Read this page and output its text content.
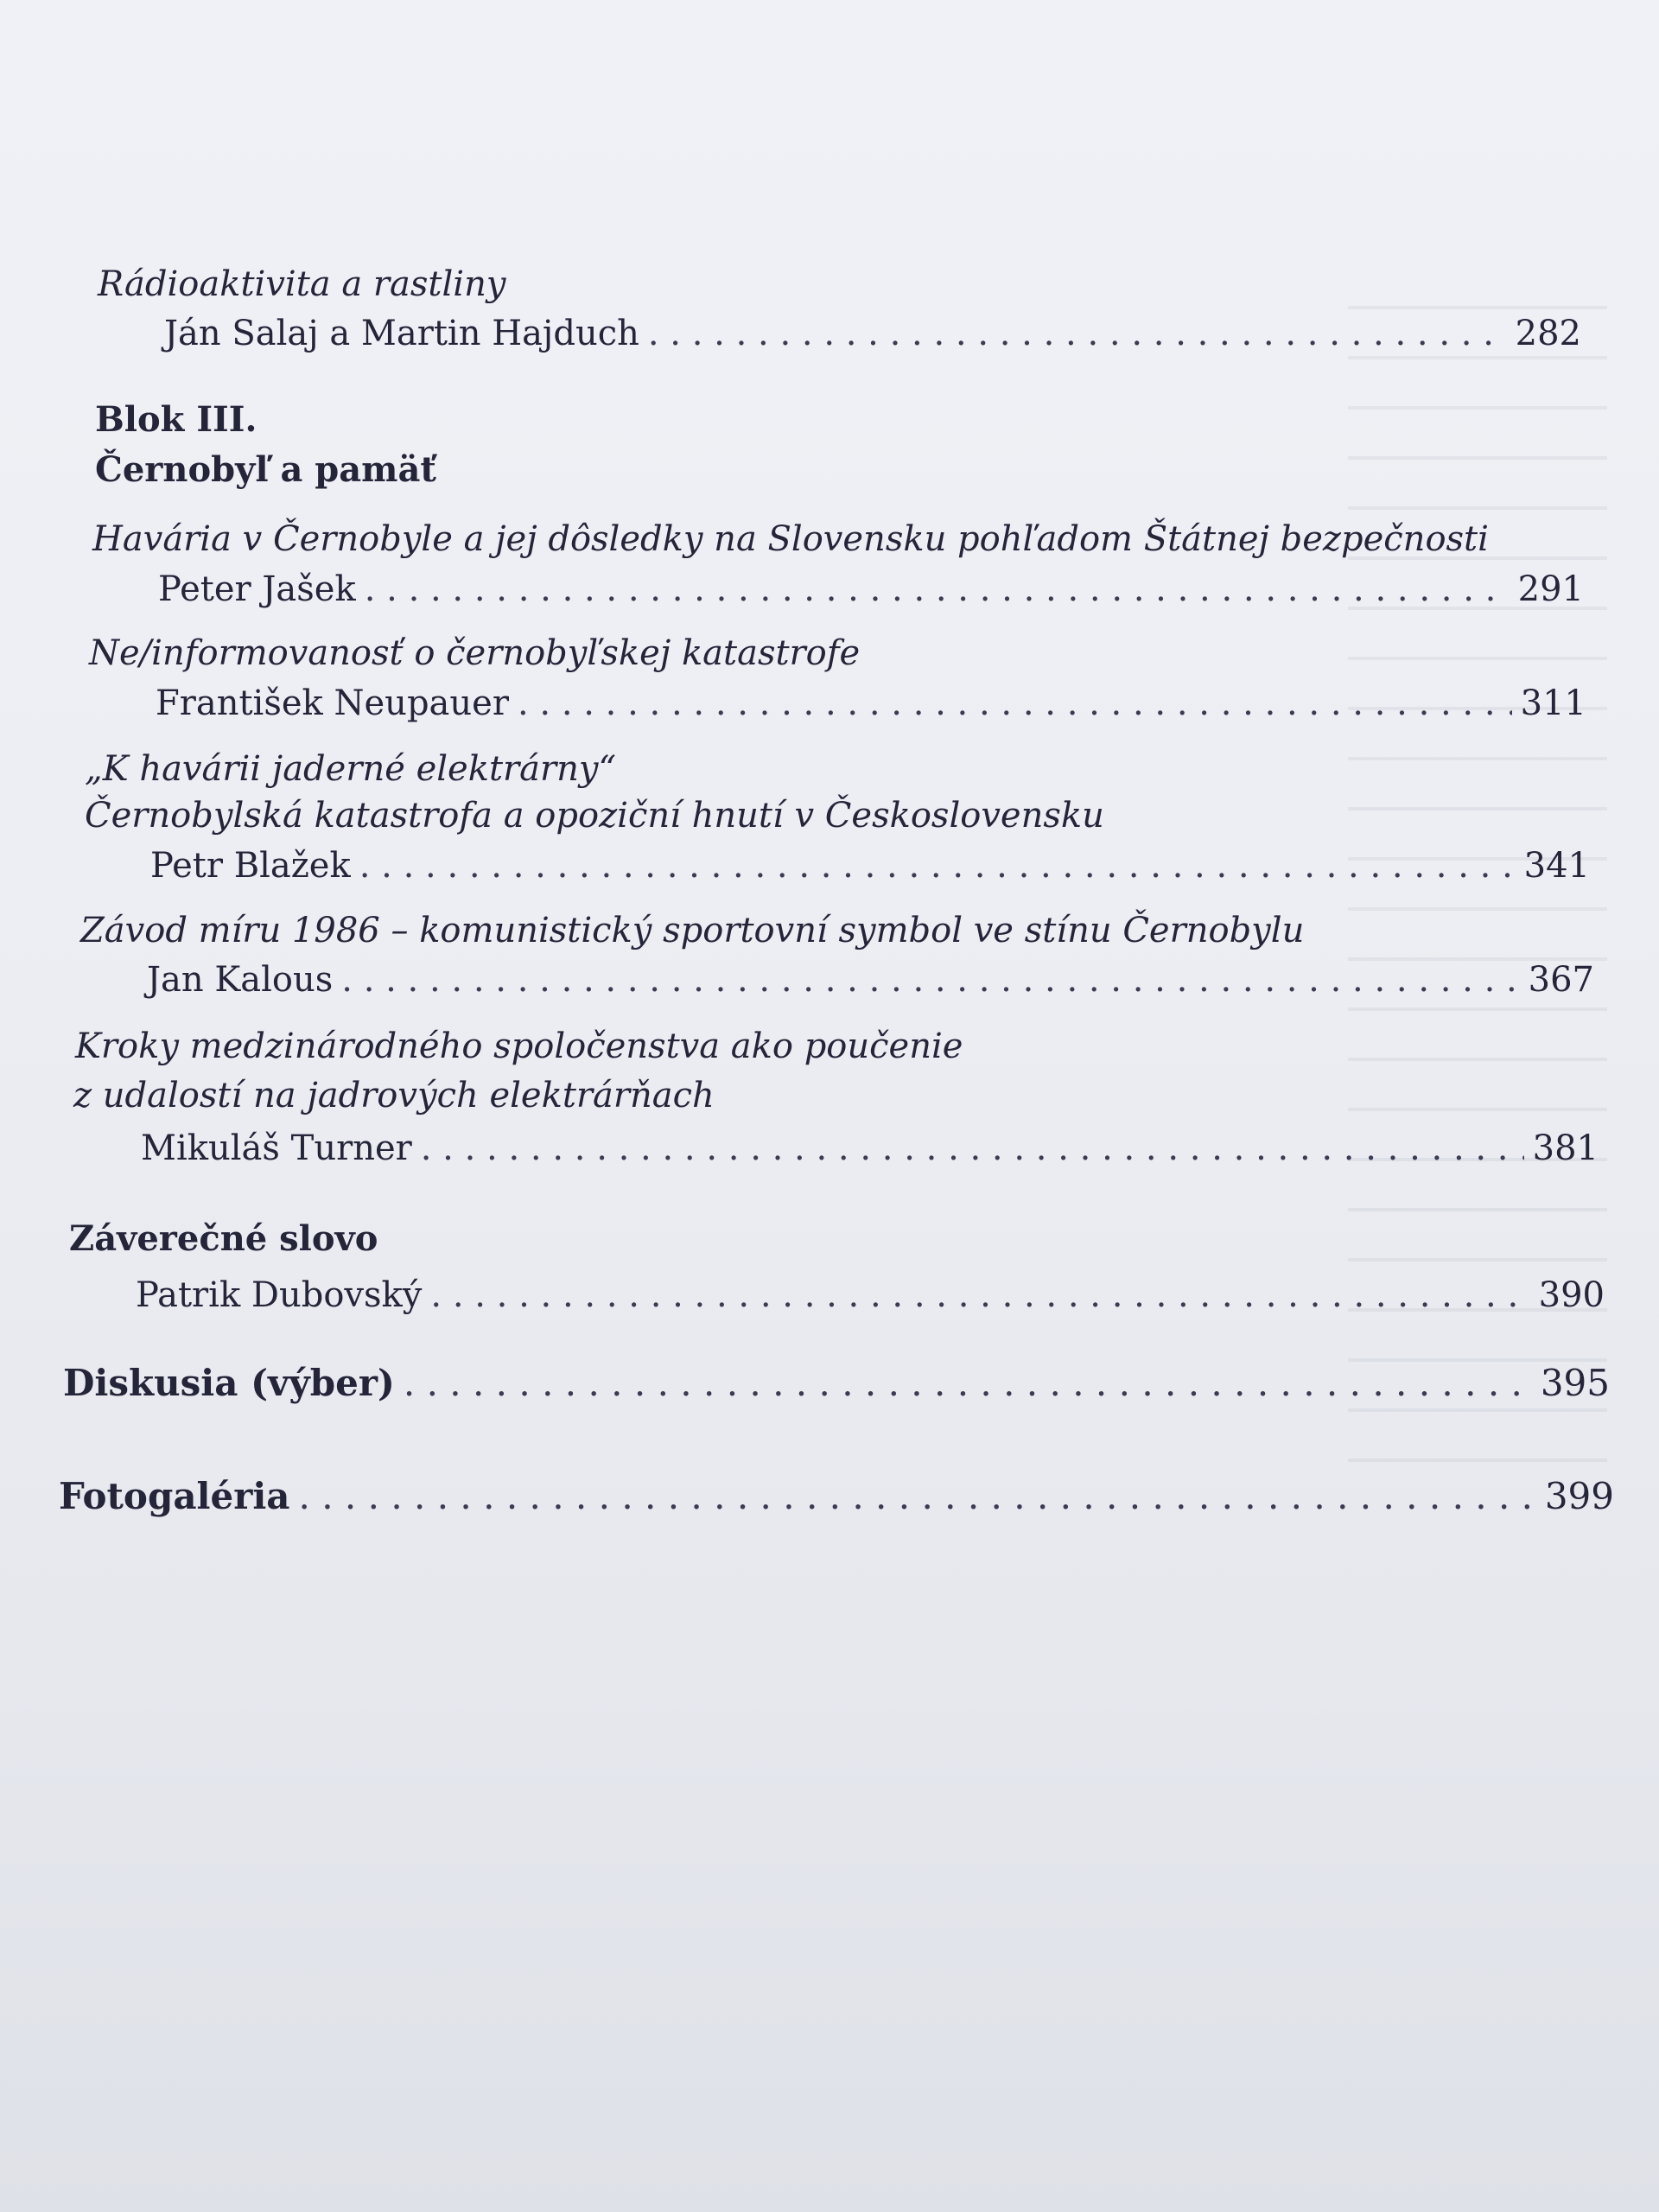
Rádioaktivita a rastliny
Ján Salaj a Martin Hajduch . . .	282
Blok III.
Černobyľ a pamäť
Havária v Černobyle a jej dôsledky na Slovensku pohľadom Štátnej bezpečnosti
Peter Jašek . . .	291
Ne/informovanosť o černobyľskej katastrofe
František Neupauer . . .	311
„K havárii jaderné elektrárny“
Černobylská katastrofa a opoziční hnutí v Československu
Petr Blažek . . .	341
Závod míru 1986 – komunistický sportovní symbol ve stínu Černobylu
Jan Kalous . . .	367
Kroky medzinárodného spoločenstva ako poučenie
z udalostí na jadrových elektrárňach
Mikuláš Turner . . .	381
Záverečné slovo
Patrik Dubovský . . .	390
Diskusia (výber) . . .	395
Fotogaléria . . .	399
